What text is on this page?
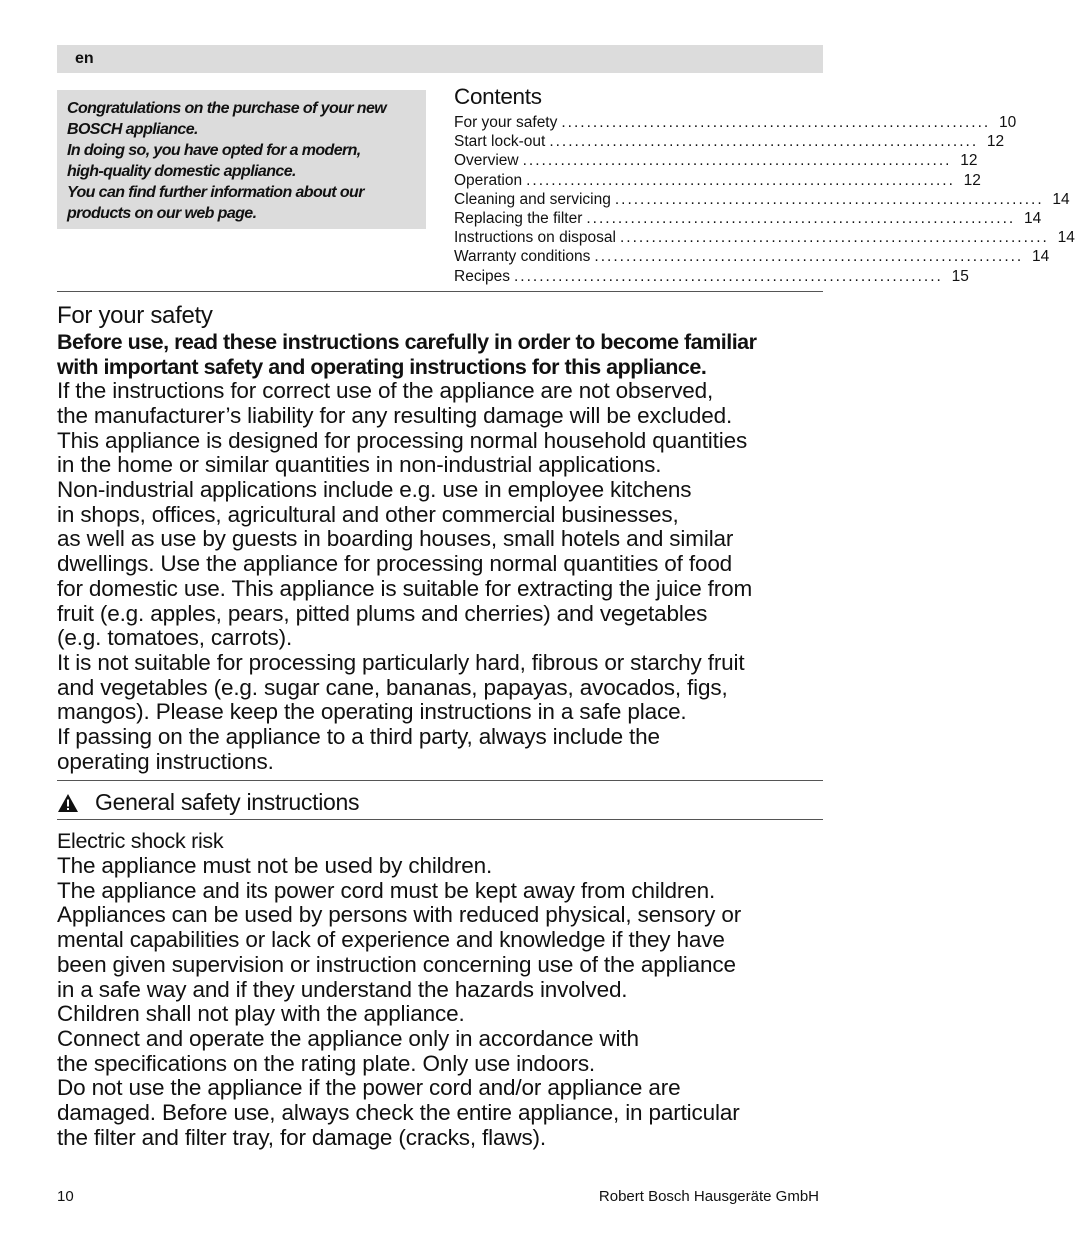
en

Congratulations on the purchase of your new

BOSCH appliance.

In doing so, you have opted for a modern,

high-quality domestic appliance.

You can find further information about our

products on our web page.

Contents
For your safety .................................................................... 10
Start lock-out .................................................................... 12
Overview .................................................................... 12
Operation .................................................................... 12
Cleaning and servicing .................................................................... 14
Replacing the filter .................................................................... 14
Instructions on disposal .................................................................... 14
Warranty conditions .................................................................... 14
Recipes .................................................................... 15
For your safety

Before use, read these instructions carefully in order to become familiar

with important safety and operating instructions for this appliance.

If the instructions for correct use of the appliance are not observed,

the manufacturer’s liability for any resulting damage will be excluded.

This appliance is designed for processing normal household quantities

in the home or similar quantities in non-industrial applications.

Non-industrial applications include e.g. use in employee kitchens

in shops, offices, agricultural and other commercial businesses,

as well as use by guests in boarding houses, small hotels and similar

dwellings. Use the appliance for processing normal quantities of food

for domestic use. This appliance is suitable for extracting the juice from

fruit (e.g. apples, pears, pitted plums and cherries) and vegetables

(e.g. tomatoes, carrots).

It is not suitable for processing particularly hard, fibrous or starchy fruit

and vegetables (e.g. sugar cane, bananas, papayas, avocados, figs,

mangos). Please keep the operating instructions in a safe place.

If passing on the appliance to a third party, always include the

operating instructions.

General safety instructions

Electric shock risk

The appliance must not be used by children.

The appliance and its power cord must be kept away from children.

Appliances can be used by persons with reduced physical, sensory or

mental capabilities or lack of experience and knowledge if they have

been given supervision or instruction concerning use of the appliance

in a safe way and if they understand the hazards involved.

Children shall not play with the appliance.

Connect and operate the appliance only in accordance with

the specifications on the rating plate. Only use indoors.

Do not use the appliance if the power cord and/or appliance are

damaged. Before use, always check the entire appliance, in particular

the filter and filter tray, for damage (cracks, flaws).

10	Robert Bosch Hausgeräte GmbH
